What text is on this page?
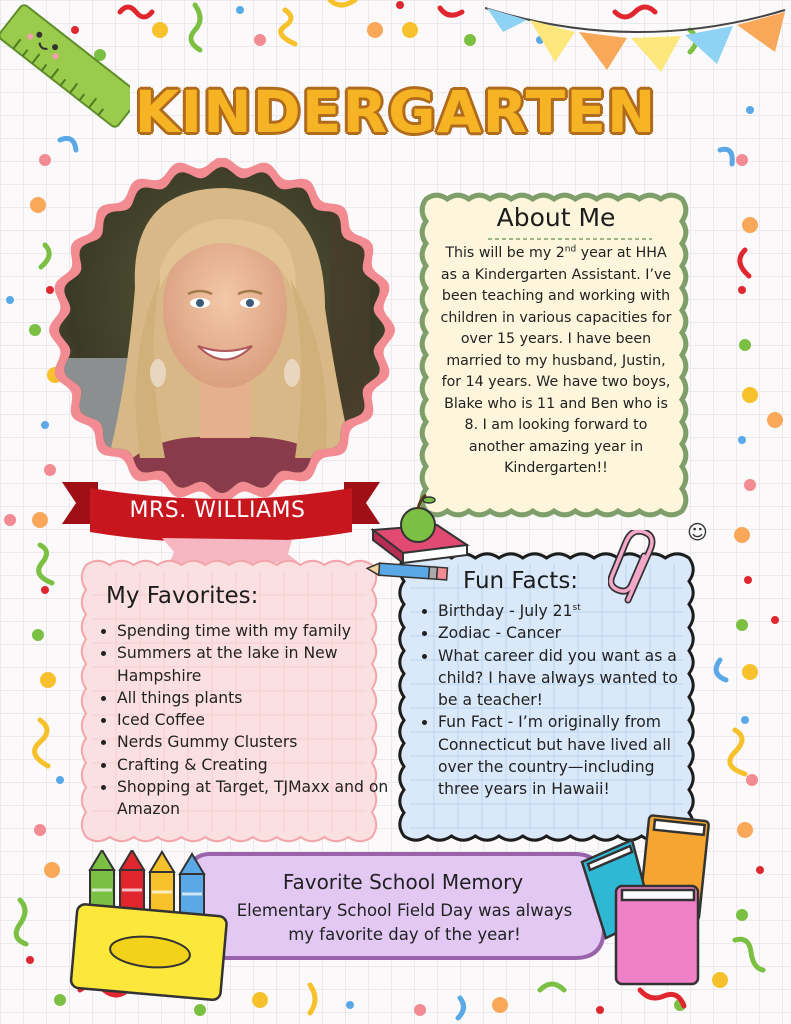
KINDERGARTEN
MRS. WILLIAMS
About Me
This will be my 2nd year at HHA as a Kindergarten Assistant. I’ve been teaching and working with children in various capacities for over 15 years. I have been married to my husband, Justin, for 14 years. We have two boys, Blake who is 11 and Ben who is 8. I am looking forward to another amazing year in Kindergarten!!
My Favorites:
• Spending time with my family
• Summers at the lake in New Hampshire
• All things plants
• Iced Coffee
• Nerds Gummy Clusters
• Crafting & Creating
• Shopping at Target, TJMaxx and on Amazon
Fun Facts:
• Birthday - July 21st
• Zodiac - Cancer
• What career did you want as a child? I have always wanted to be a teacher!
• Fun Fact - I’m originally from Connecticut but have lived all over the country—including three years in Hawaii!
☺
Favorite School Memory
Elementary School Field Day was always my favorite day of the year!
